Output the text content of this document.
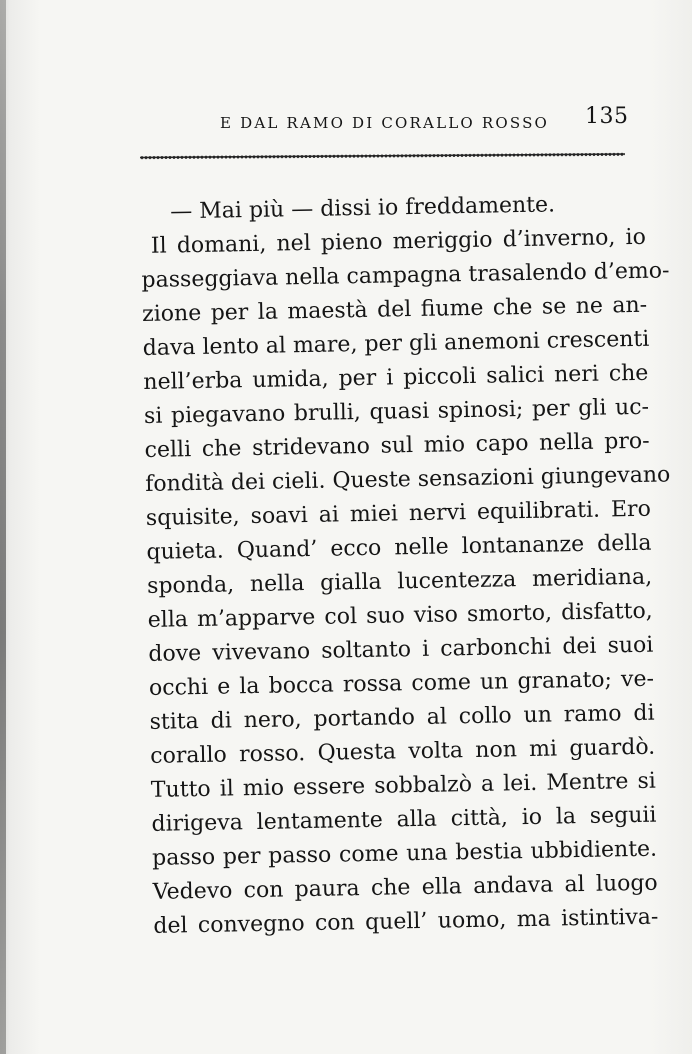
E DAL RAMO DI CORALLO ROSSO 135
— Mai più — dissi io freddamente.
Il domani, nel pieno meriggio d’inverno, io
passeggiava nella campagna trasalendo d’emo-
zione per la maestà del fiume che se ne an-
dava lento al mare, per gli anemoni crescenti
nell’erba umida, per i piccoli salici neri che
si piegavano brulli, quasi spinosi; per gli uc-
celli che stridevano sul mio capo nella pro-
fondità dei cieli. Queste sensazioni giungevano
squisite, soavi ai miei nervi equilibrati. Ero
quieta. Quand’ ecco nelle lontananze della
sponda, nella gialla lucentezza meridiana,
ella m’apparve col suo viso smorto, disfatto,
dove vivevano soltanto i carbonchi dei suoi
occhi e la bocca rossa come un granato; ve-
stita di nero, portando al collo un ramo di
corallo rosso. Questa volta non mi guardò.
Tutto il mio essere sobbalzò a lei. Mentre si
dirigeva lentamente alla città, io la seguii
passo per passo come una bestia ubbidiente.
Vedevo con paura che ella andava al luogo
del convegno con quell’ uomo, ma istintiva-
